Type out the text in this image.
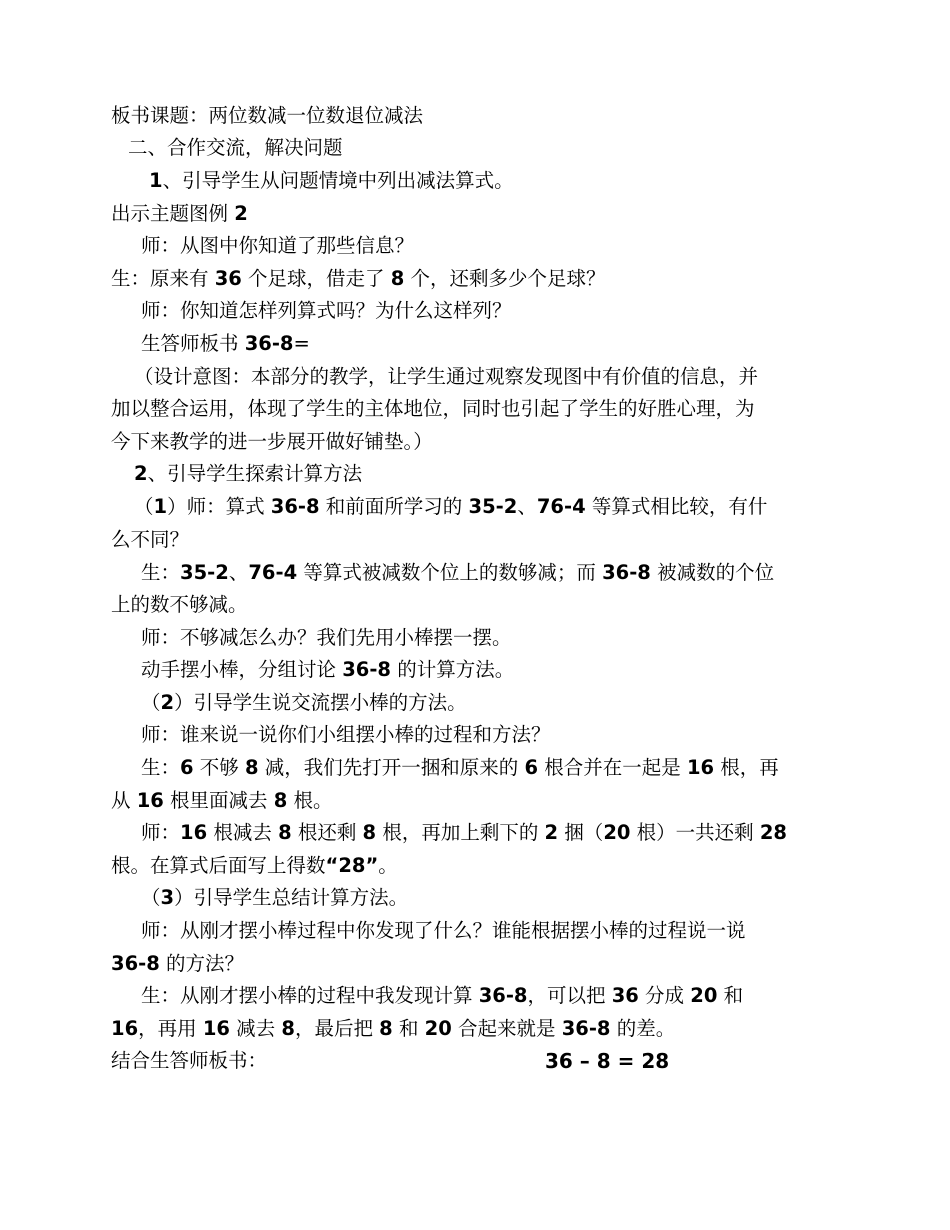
板书课题：两位数减一位数退位减法
二、合作交流，解决问题
1、引导学生从问题情境中列出减法算式。
出示主题图例 2
师：从图中你知道了那些信息？
生：原来有 36 个足球，借走了 8 个，还剩多少个足球？
师：你知道怎样列算式吗？为什么这样列？
生答师板书 36-8=
（设计意图：本部分的教学，让学生通过观察发现图中有价值的信息，并
加以整合运用，体现了学生的主体地位，同时也引起了学生的好胜心理，为
今下来教学的进一步展开做好铺垫。）
2、引导学生探索计算方法
（1）师：算式 36-8 和前面所学习的 35-2、76-4 等算式相比较，有什
么不同？
生：35-2、76-4 等算式被减数个位上的数够减；而 36-8 被减数的个位
上的数不够减。
师：不够减怎么办？我们先用小棒摆一摆。
动手摆小棒，分组讨论 36-8 的计算方法。
（2）引导学生说交流摆小棒的方法。
师：谁来说一说你们小组摆小棒的过程和方法？
生：6 不够 8 减，我们先打开一捆和原来的 6 根合并在一起是 16 根，再
从 16 根里面减去 8 根。
师：16 根减去 8 根还剩 8 根，再加上剩下的 2 捆（20 根）一共还剩 28
根。在算式后面写上得数“28”。
（3）引导学生总结计算方法。
师：从刚才摆小棒过程中你发现了什么？谁能根据摆小棒的过程说一说
36-8 的方法？
生：从刚才摆小棒的过程中我发现计算 36-8，可以把 36 分成 20 和
16，再用 16 减去 8，最后把 8 和 20 合起来就是 36-8 的差。
结合生答师板书：	36 – 8 = 28
